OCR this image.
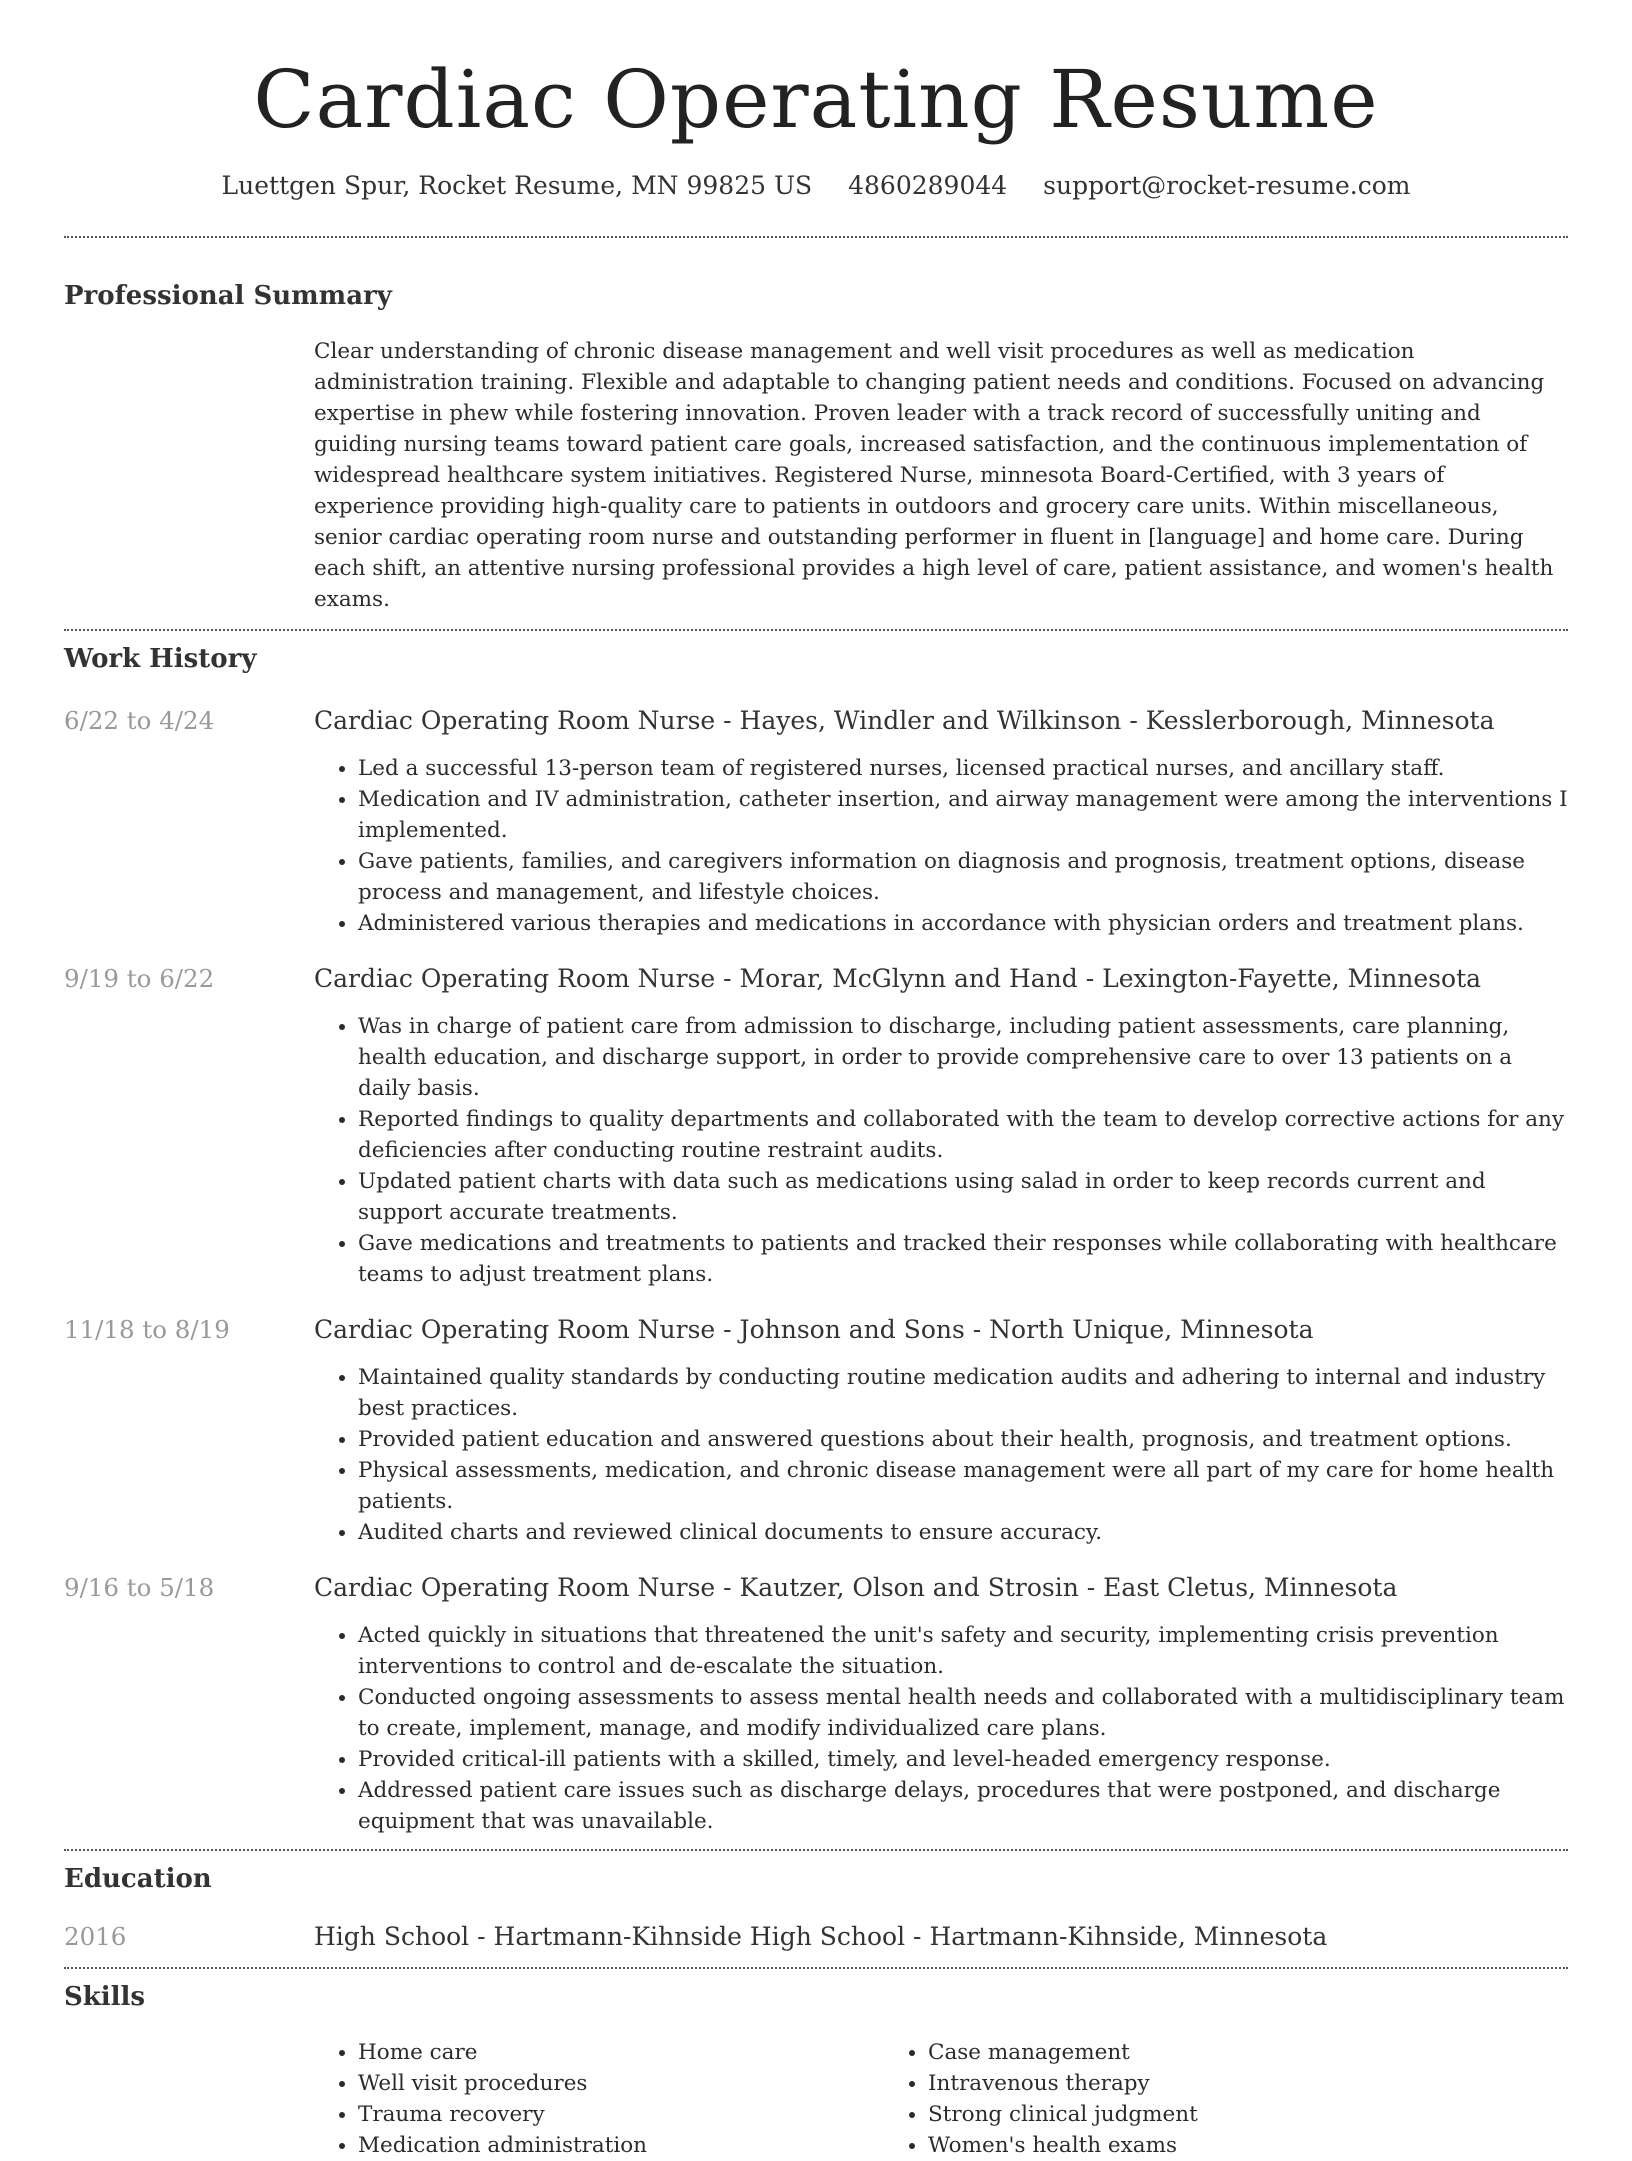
Cardiac Operating Resume
Luettgen Spur, Rocket Resume, MN 99825 US 4860289044 support@rocket-resume.com
Professional Summary

Clear understanding of chronic disease management and well visit procedures as well as medication administration training. Flexible and adaptable to changing patient needs and conditions. Focused on advancing expertise in phew while fostering innovation. Proven leader with a track record of successfully uniting and guiding nursing teams toward patient care goals, increased satisfaction, and the continuous implementation of widespread healthcare system initiatives. Registered Nurse, minnesota Board-Certified, with 3 years of experience providing high-quality care to patients in outdoors and grocery care units. Within miscellaneous, senior cardiac operating room nurse and outstanding performer in fluent in [language] and home care. During each shift, an attentive nursing professional provides a high level of care, patient assistance, and women's health exams.

Work History
6/22 to 4/24	Cardiac Operating Room Nurse - Hayes, Windler and Wilkinson - Kesslerborough, Minnesota
• Led a successful 13-person team of registered nurses, licensed practical nurses, and ancillary staff.
• Medication and IV administration, catheter insertion, and airway management were among the interventions I implemented.
• Gave patients, families, and caregivers information on diagnosis and prognosis, treatment options, disease process and management, and lifestyle choices.
• Administered various therapies and medications in accordance with physician orders and treatment plans.
9/19 to 6/22	Cardiac Operating Room Nurse - Morar, McGlynn and Hand - Lexington-Fayette, Minnesota
• Was in charge of patient care from admission to discharge, including patient assessments, care planning, health education, and discharge support, in order to provide comprehensive care to over 13 patients on a daily basis.
• Reported findings to quality departments and collaborated with the team to develop corrective actions for any deficiencies after conducting routine restraint audits.
• Updated patient charts with data such as medications using salad in order to keep records current and support accurate treatments.
• Gave medications and treatments to patients and tracked their responses while collaborating with healthcare teams to adjust treatment plans.
11/18 to 8/19	Cardiac Operating Room Nurse - Johnson and Sons - North Unique, Minnesota
• Maintained quality standards by conducting routine medication audits and adhering to internal and industry best practices.
• Provided patient education and answered questions about their health, prognosis, and treatment options.
• Physical assessments, medication, and chronic disease management were all part of my care for home health patients.
• Audited charts and reviewed clinical documents to ensure accuracy.
9/16 to 5/18	Cardiac Operating Room Nurse - Kautzer, Olson and Strosin - East Cletus, Minnesota
• Acted quickly in situations that threatened the unit's safety and security, implementing crisis prevention interventions to control and de-escalate the situation.
• Conducted ongoing assessments to assess mental health needs and collaborated with a multidisciplinary team to create, implement, manage, and modify individualized care plans.
• Provided critical-ill patients with a skilled, timely, and level-headed emergency response.
• Addressed patient care issues such as discharge delays, procedures that were postponed, and discharge equipment that was unavailable.
Education
2016	High School - Hartmann-Kihnside High School - Hartmann-Kihnside, Minnesota
Skills
• Home care
• Well visit procedures
• Trauma recovery
• Medication administration
• Case management
• Intravenous therapy
• Strong clinical judgment
• Women's health exams
